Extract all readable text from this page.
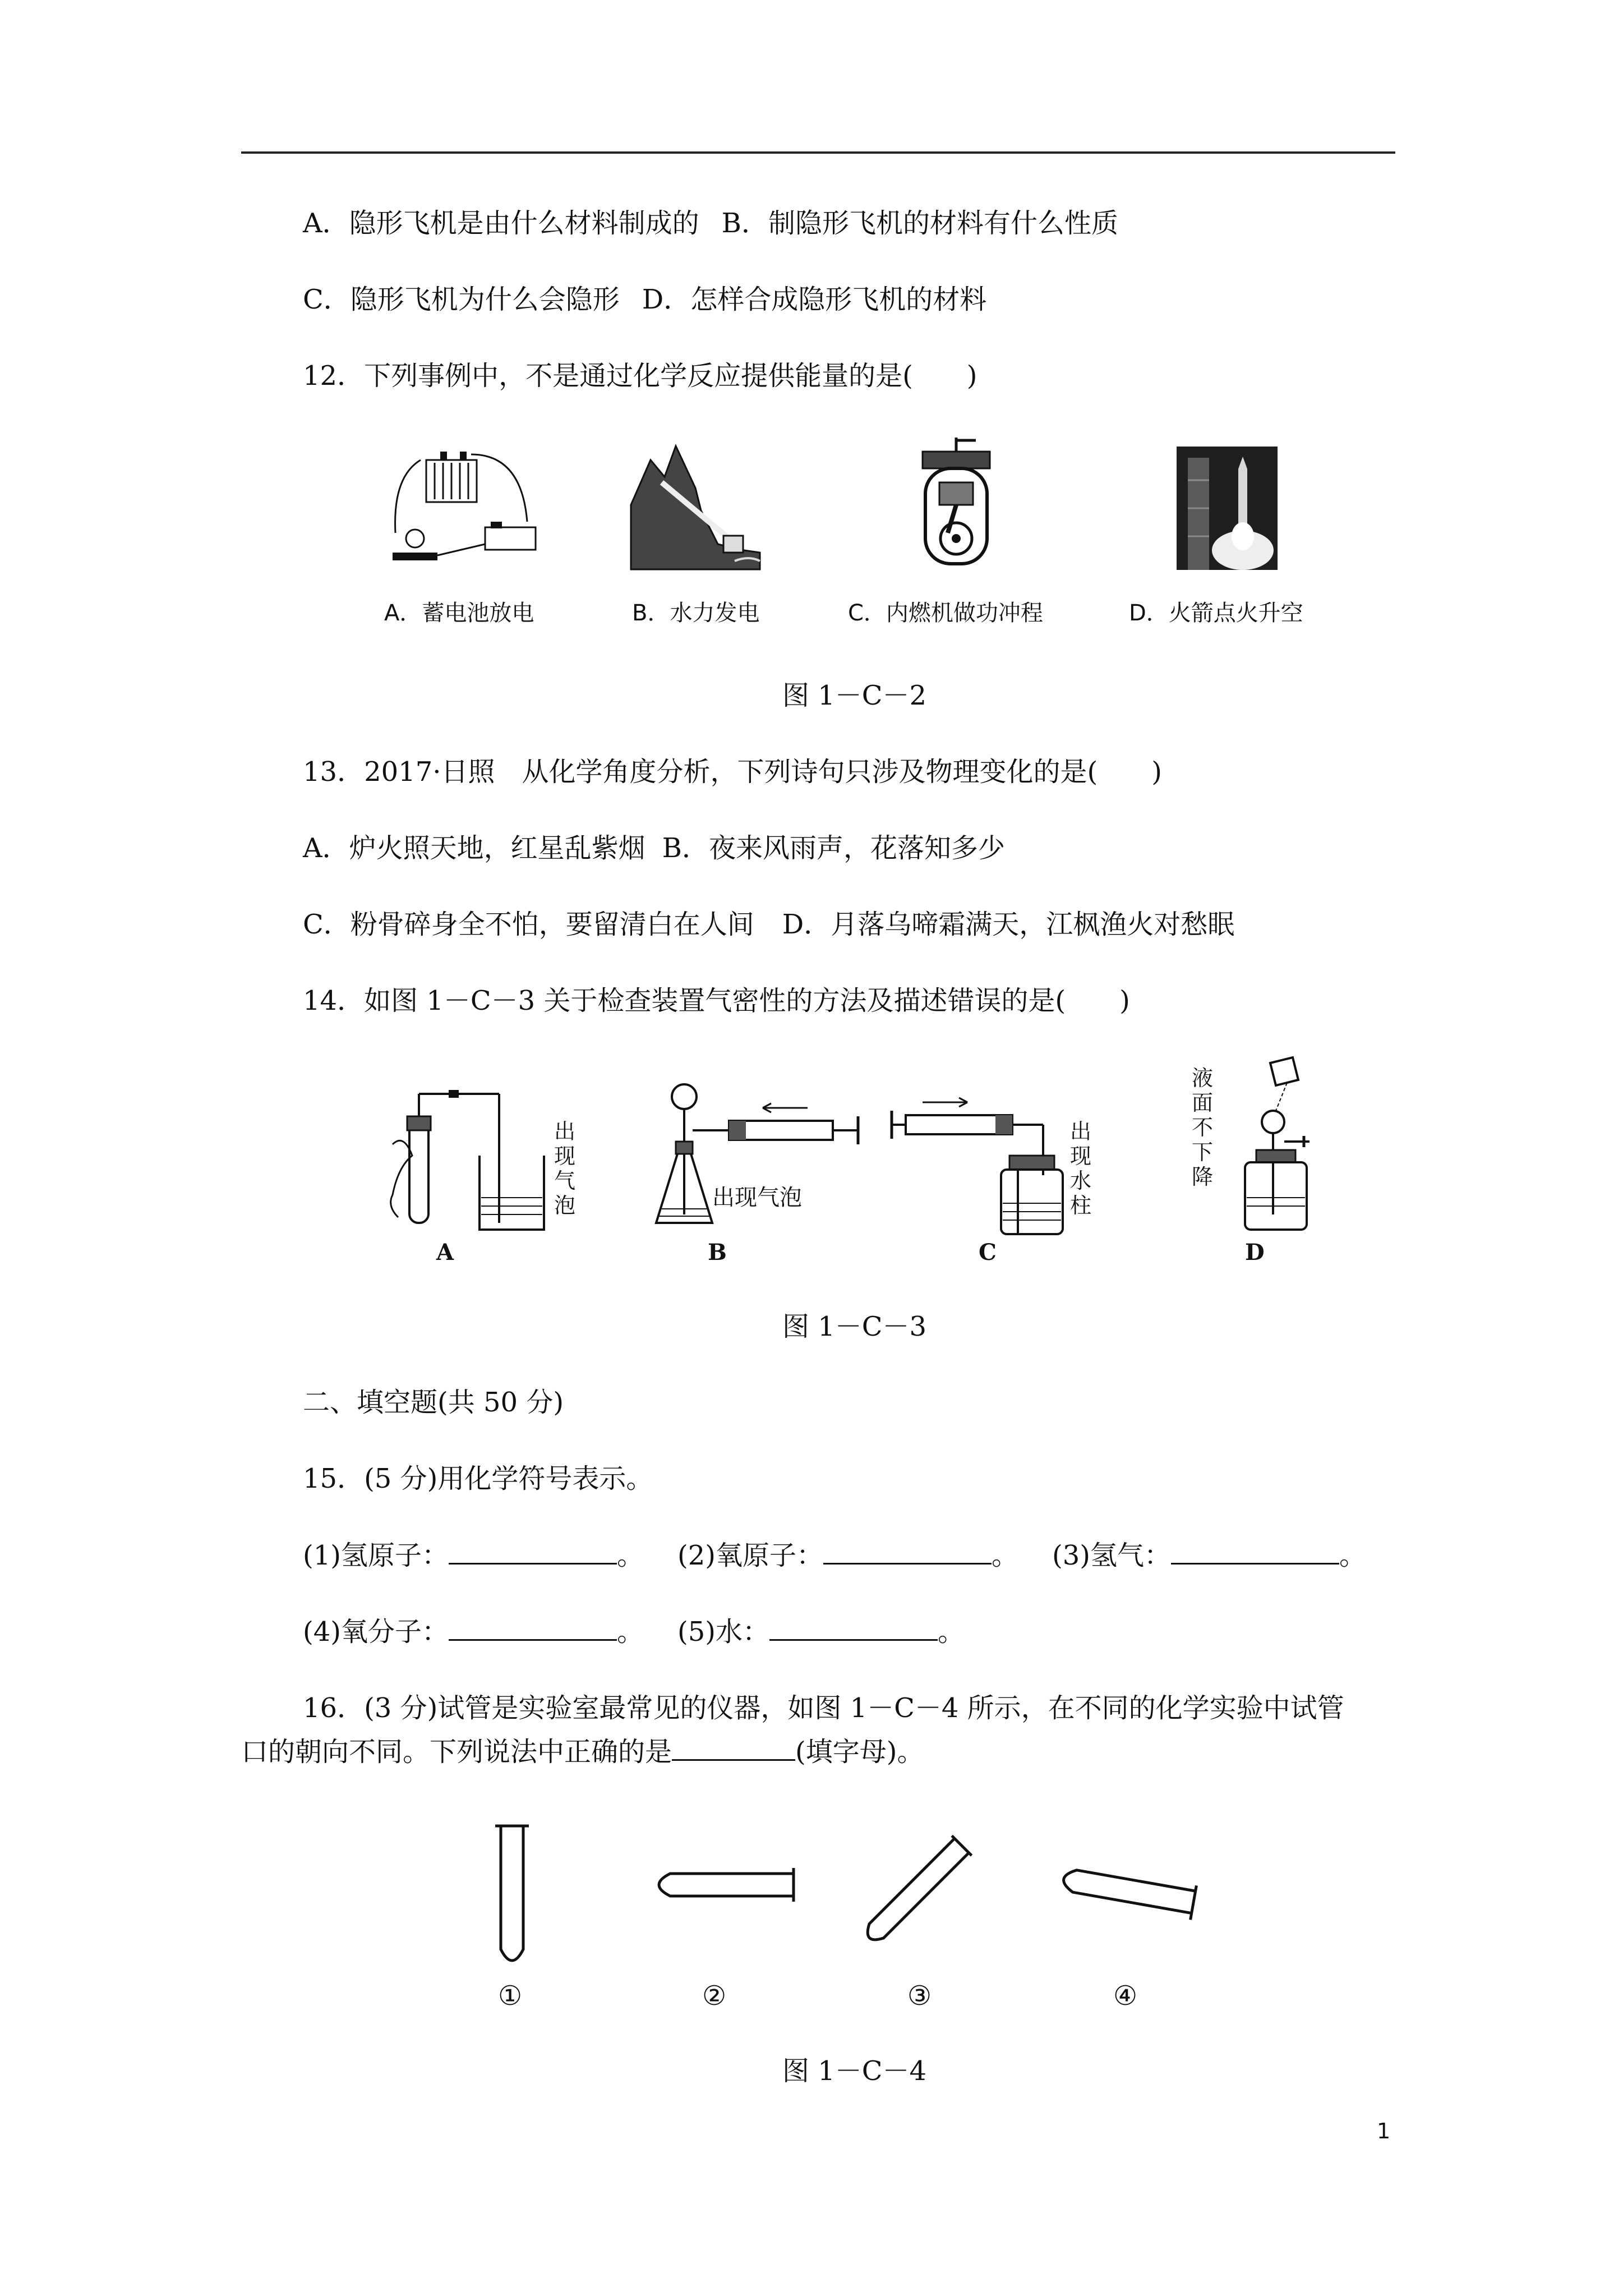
A．隐形飞机是由什么材料制成的 B．制隐形飞机的材料有什么性质

C．隐形飞机为什么会隐形 D．怎样合成隐形飞机的材料

12．下列事例中，不是通过化学反应提供能量的是(　　)

A．蓄电池放电	B．水力发电	C．内燃机做功冲程	D．火箭点火升空
图 1－C－2

13．2017·日照　从化学角度分析，下列诗句只涉及物理变化的是(　　)

A．炉火照天地，红星乱紫烟 B．夜来风雨声，花落知多少

C．粉骨碎身全不怕，要留清白在人间 D．月落乌啼霜满天，江枫渔火对愁眠

14．如图 1－C－3 关于检查装置气密性的方法及描述错误的是(　　)

出现气泡	出现气泡
出现水柱
液面不下降
A	B	C	D
图 1－C－3

二、填空题(共 50 分)

15．(5 分)用化学符号表示。

(1)氢原子：	。 (2)氧原子：	。 (3)氢气：	。

(4)氧分子：	。 (5)水：	。

16．(3 分)试管是实验室最常见的仪器，如图 1－C－4 所示，在不同的化学实验中试管

口的朝向不同。下列说法中正确的是	(填字母)。

①	②	③	④
图 1－C－4
1
